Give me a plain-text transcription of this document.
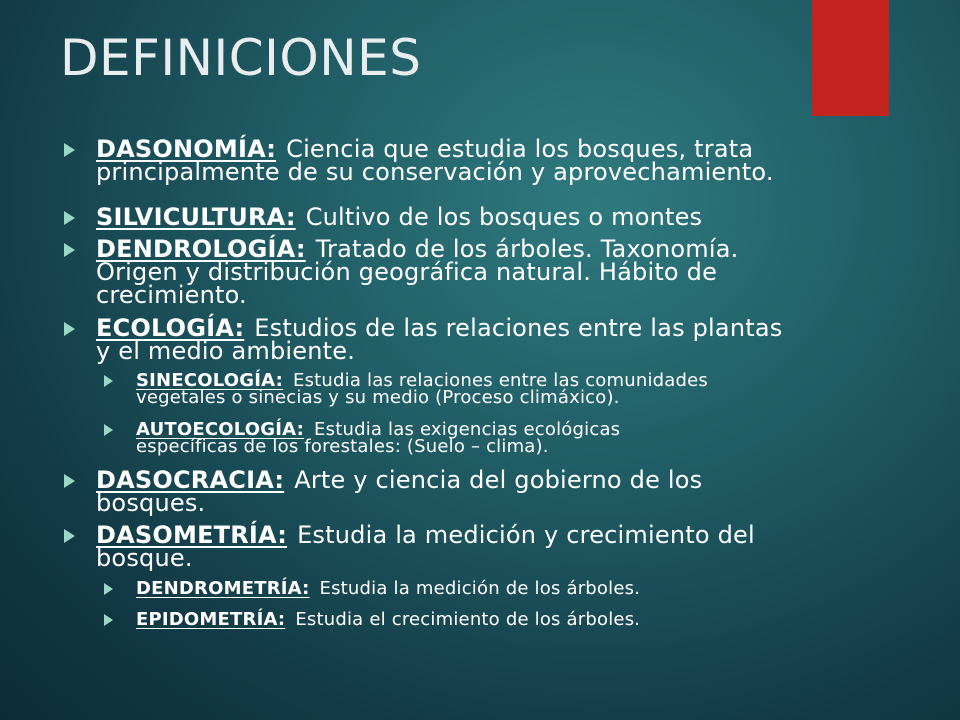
DEFINICIONES
DASONOMÍA: Ciencia que estudia los bosques, trata
principalmente de su conservación y aprovechamiento.
SILVICULTURA: Cultivo de los bosques o montes
DENDROLOGÍA: Tratado de los árboles. Taxonomía.
Origen y distribución geográfica natural. Hábito de
crecimiento.
ECOLOGÍA: Estudios de las relaciones entre las plantas
y el medio ambiente.
SINECOLOGÍA: Estudia las relaciones entre las comunidades
vegetales o sinecias y su medio (Proceso climáxico).
AUTOECOLOGÍA: Estudia las exigencias ecológicas
específicas de los forestales: (Suelo – clima).
DASOCRACIA: Arte y ciencia del gobierno de los
bosques.
DASOMETRÍA: Estudia la medición y crecimiento del
bosque.
DENDROMETRÍA: Estudia la medición de los árboles.
EPIDOMETRÍA: Estudia el crecimiento de los árboles.
